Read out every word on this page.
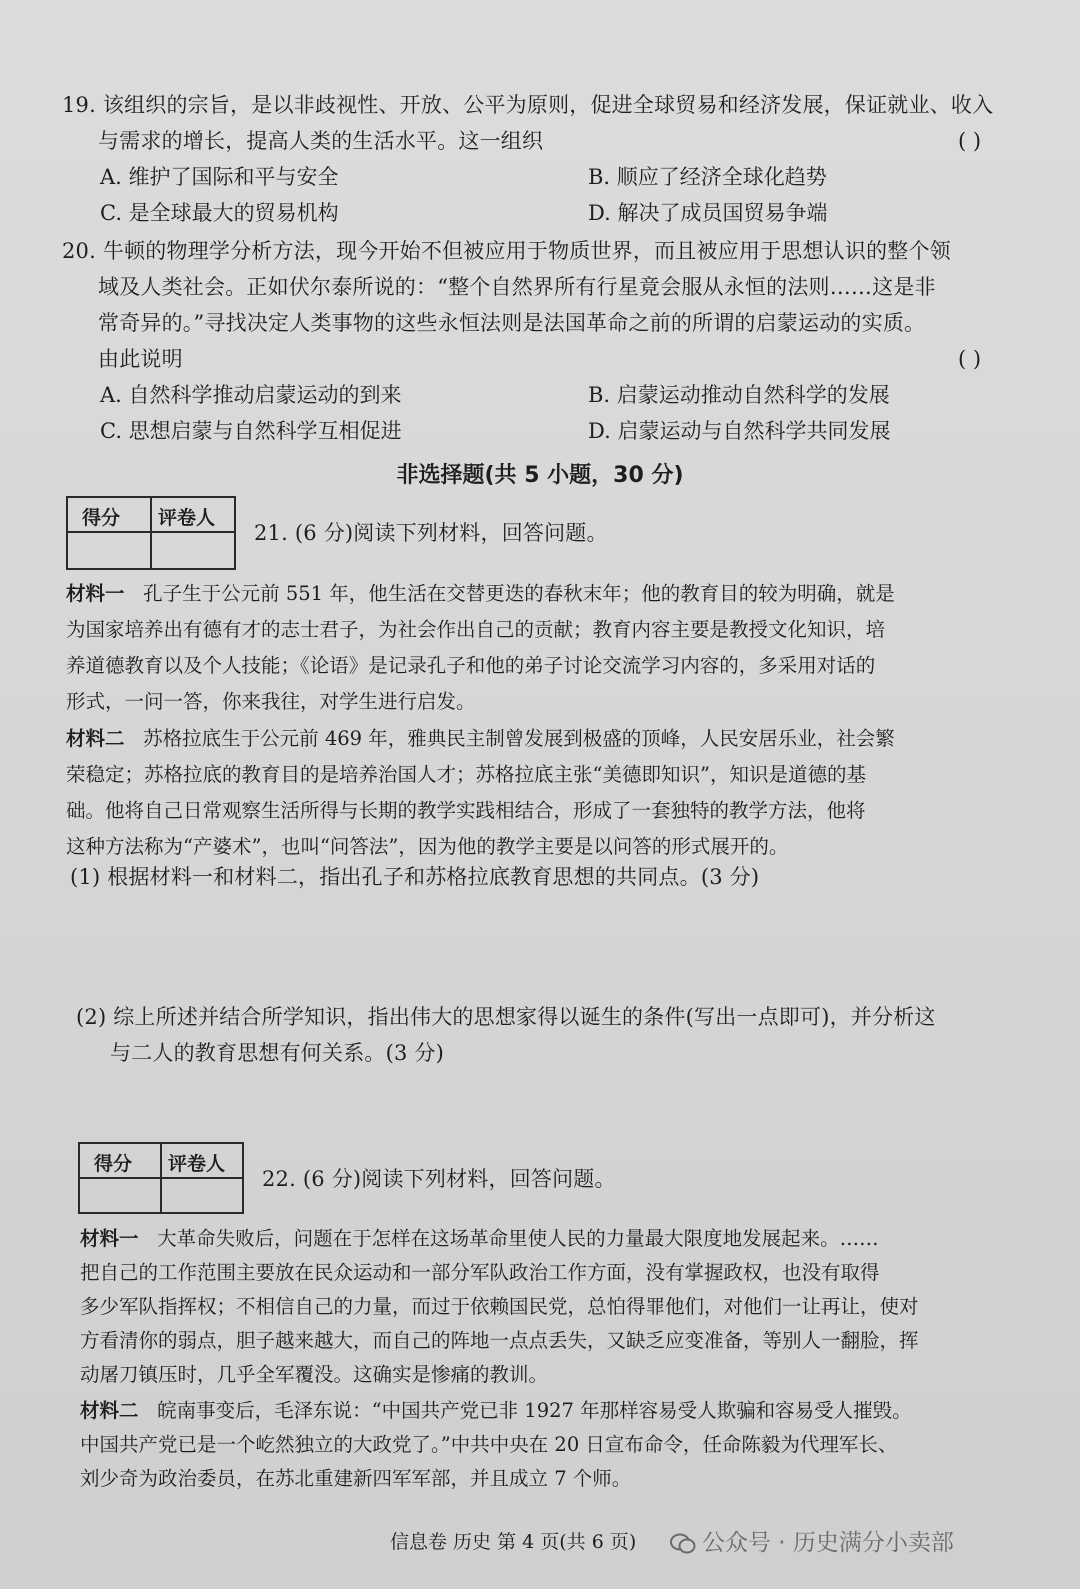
19. 该组织的宗旨，是以非歧视性、开放、公平为原则，促进全球贸易和经济发展，保证就业、收入
与需求的增长，提高人类的生活水平。这一组织	( )
A. 维护了国际和平与安全	B. 顺应了经济全球化趋势
C. 是全球最大的贸易机构	D. 解决了成员国贸易争端
20. 牛顿的物理学分析方法，现今开始不但被应用于物质世界，而且被应用于思想认识的整个领
域及人类社会。正如伏尔泰所说的：“整个自然界所有行星竟会服从永恒的法则……这是非
常奇异的。”寻找决定人类事物的这些永恒法则是法国革命之前的所谓的启蒙运动的实质。
由此说明	( )
A. 自然科学推动启蒙运动的到来	B. 启蒙运动推动自然科学的发展
C. 思想启蒙与自然科学互相促进	D. 启蒙运动与自然科学共同发展
非选择题(共 5 小题，30 分)
得分 评卷人
21. (6 分)阅读下列材料，回答问题。
材料一 孔子生于公元前 551 年，他生活在交替更迭的春秋末年；他的教育目的较为明确，就是
为国家培养出有德有才的志士君子，为社会作出自己的贡献；教育内容主要是教授文化知识，培
养道德教育以及个人技能；《论语》是记录孔子和他的弟子讨论交流学习内容的，多采用对话的
形式，一问一答，你来我往，对学生进行启发。
材料二 苏格拉底生于公元前 469 年，雅典民主制曾发展到极盛的顶峰，人民安居乐业，社会繁
荣稳定；苏格拉底的教育目的是培养治国人才；苏格拉底主张“美德即知识”，知识是道德的基
础。他将自己日常观察生活所得与长期的教学实践相结合，形成了一套独特的教学方法，他将
这种方法称为“产婆术”，也叫“问答法”，因为他的教学主要是以问答的形式展开的。
(1) 根据材料一和材料二，指出孔子和苏格拉底教育思想的共同点。(3 分)
(2) 综上所述并结合所学知识，指出伟大的思想家得以诞生的条件(写出一点即可)，并分析这
与二人的教育思想有何关系。(3 分)
得分 评卷人
22. (6 分)阅读下列材料，回答问题。
材料一 大革命失败后，问题在于怎样在这场革命里使人民的力量最大限度地发展起来。……
把自己的工作范围主要放在民众运动和一部分军队政治工作方面，没有掌握政权，也没有取得
多少军队指挥权；不相信自己的力量，而过于依赖国民党，总怕得罪他们，对他们一让再让，使对
方看清你的弱点，胆子越来越大，而自己的阵地一点点丢失，又缺乏应变准备，等别人一翻脸，挥
动屠刀镇压时，几乎全军覆没。这确实是惨痛的教训。
材料二 皖南事变后，毛泽东说：“中国共产党已非 1927 年那样容易受人欺骗和容易受人摧毁。
中国共产党已是一个屹然独立的大政党了。”中共中央在 20 日宣布命令，任命陈毅为代理军长、
刘少奇为政治委员，在苏北重建新四军军部，并且成立 7 个师。
信息卷 历史 第 4 页(共 6 页)	公众号 · 历史满分小卖部
